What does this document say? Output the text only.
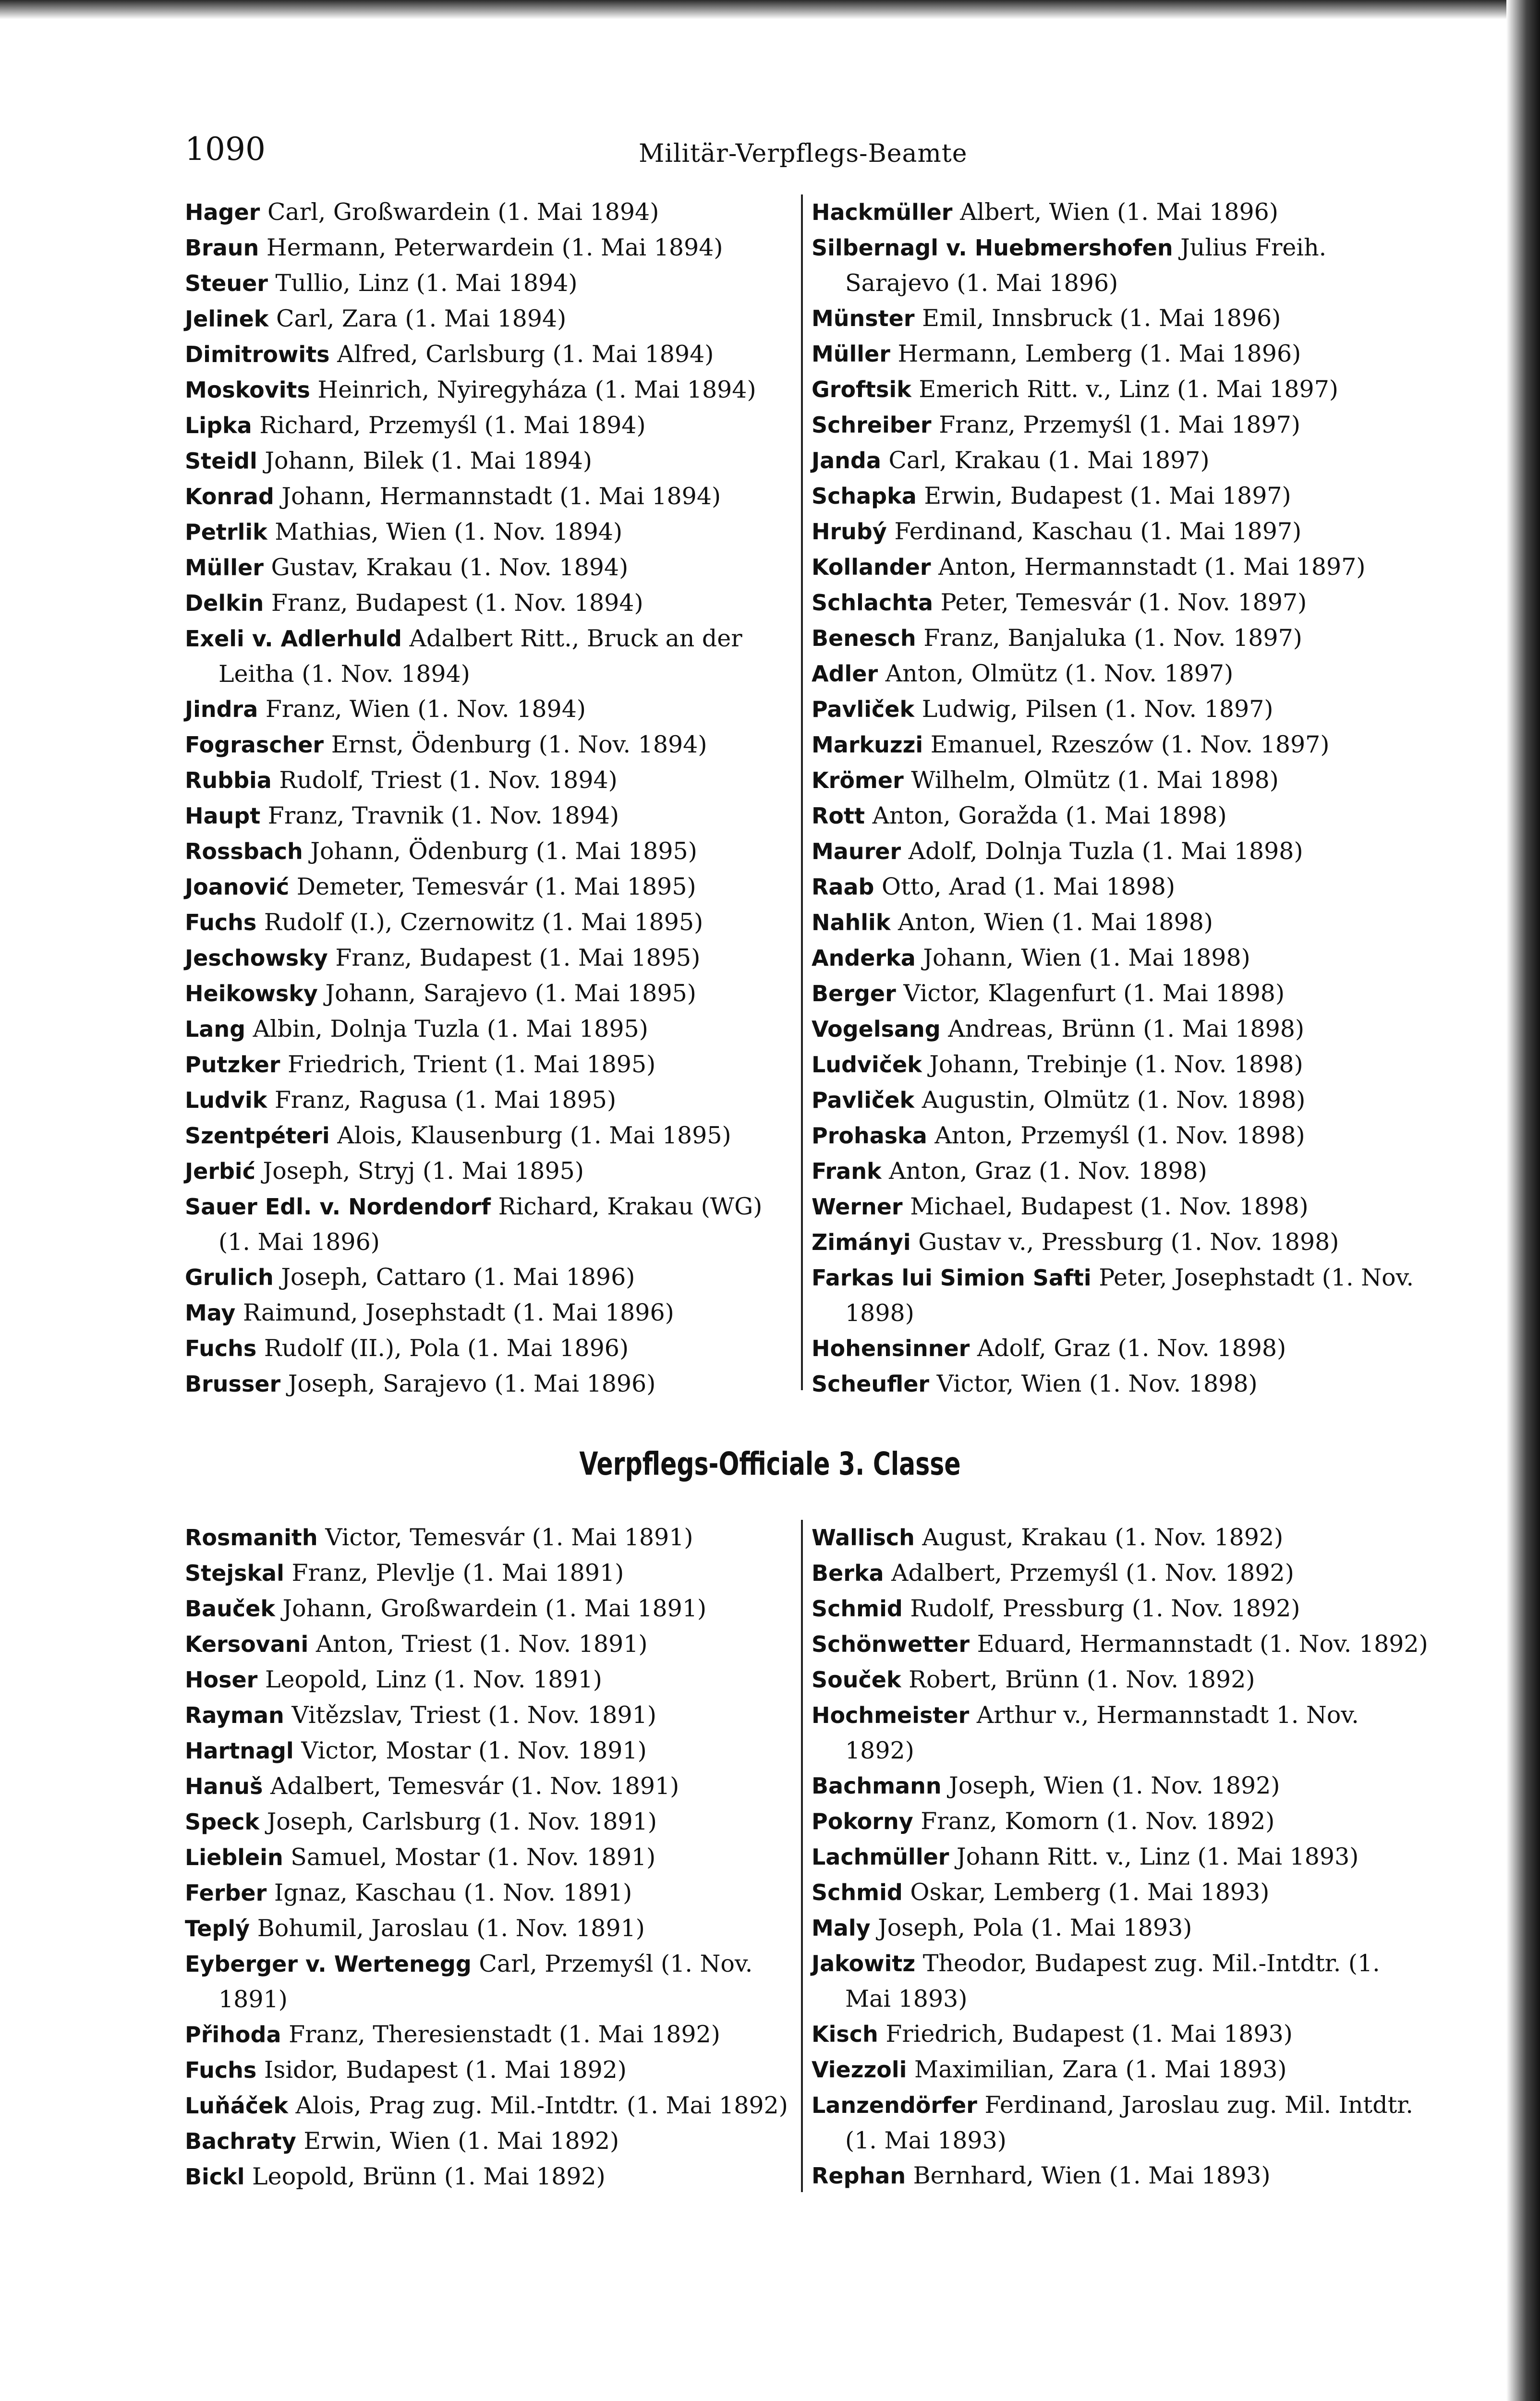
1090	Militär-Verpflegs-Beamte

Hager Carl, Großwardein (1. Mai 1894)

Braun Hermann, Peterwardein (1. Mai 1894)

Steuer Tullio, Linz (1. Mai 1894)

Jelinek Carl, Zara (1. Mai 1894)

Dimitrowits Alfred, Carlsburg (1. Mai 1894)

Moskovits Heinrich, Nyiregyháza (1. Mai 1894)

Lipka Richard, Przemyśl (1. Mai 1894)

Steidl Johann, Bilek (1. Mai 1894)

Konrad Johann, Hermannstadt (1. Mai 1894)

Petrlik Mathias, Wien (1. Nov. 1894)

Müller Gustav, Krakau (1. Nov. 1894)

Delkin Franz, Budapest (1. Nov. 1894)

Exeli v. Adlerhuld Adalbert Ritt., Bruck an der Leitha (1. Nov. 1894)

Jindra Franz, Wien (1. Nov. 1894)

Fograscher Ernst, Ödenburg (1. Nov. 1894)

Rubbia Rudolf, Triest (1. Nov. 1894)

Haupt Franz, Travnik (1. Nov. 1894)

Rossbach Johann, Ödenburg (1. Mai 1895)

Joanović Demeter, Temesvár (1. Mai 1895)

Fuchs Rudolf (I.), Czernowitz (1. Mai 1895)

Jeschowsky Franz, Budapest (1. Mai 1895)

Heikowsky Johann, Sarajevo (1. Mai 1895)

Lang Albin, Dolnja Tuzla (1. Mai 1895)

Putzker Friedrich, Trient (1. Mai 1895)

Ludvik Franz, Ragusa (1. Mai 1895)

Szentpéteri Alois, Klausenburg (1. Mai 1895)

Jerbić Joseph, Stryj (1. Mai 1895)

Sauer Edl. v. Nordendorf Richard, Krakau (WG) (1. Mai 1896)

Grulich Joseph, Cattaro (1. Mai 1896)

May Raimund, Josephstadt (1. Mai 1896)

Fuchs Rudolf (II.), Pola (1. Mai 1896)

Brusser Joseph, Sarajevo (1. Mai 1896)

Hackmüller Albert, Wien (1. Mai 1896)

Silbernagl v. Huebmershofen Julius Freih. Sarajevo (1. Mai 1896)

Münster Emil, Innsbruck (1. Mai 1896)

Müller Hermann, Lemberg (1. Mai 1896)

Groftsik Emerich Ritt. v., Linz (1. Mai 1897)

Schreiber Franz, Przemyśl (1. Mai 1897)

Janda Carl, Krakau (1. Mai 1897)

Schapka Erwin, Budapest (1. Mai 1897)

Hrubý Ferdinand, Kaschau (1. Mai 1897)

Kollander Anton, Hermannstadt (1. Mai 1897)

Schlachta Peter, Temesvár (1. Nov. 1897)

Benesch Franz, Banjaluka (1. Nov. 1897)

Adler Anton, Olmütz (1. Nov. 1897)

Pavliček Ludwig, Pilsen (1. Nov. 1897)

Markuzzi Emanuel, Rzeszów (1. Nov. 1897)

Krömer Wilhelm, Olmütz (1. Mai 1898)

Rott Anton, Goražda (1. Mai 1898)

Maurer Adolf, Dolnja Tuzla (1. Mai 1898)

Raab Otto, Arad (1. Mai 1898)

Nahlik Anton, Wien (1. Mai 1898)

Anderka Johann, Wien (1. Mai 1898)

Berger Victor, Klagenfurt (1. Mai 1898)

Vogelsang Andreas, Brünn (1. Mai 1898)

Ludviček Johann, Trebinje (1. Nov. 1898)

Pavliček Augustin, Olmütz (1. Nov. 1898)

Prohaska Anton, Przemyśl (1. Nov. 1898)

Frank Anton, Graz (1. Nov. 1898)

Werner Michael, Budapest (1. Nov. 1898)

Zimányi Gustav v., Pressburg (1. Nov. 1898)

Farkas lui Simion Safti Peter, Josephstadt (1. Nov. 1898)

Hohensinner Adolf, Graz (1. Nov. 1898)

Scheufler Victor, Wien (1. Nov. 1898)

Verpflegs-Officiale 3. Classe

Rosmanith Victor, Temesvár (1. Mai 1891)

Stejskal Franz, Plevlje (1. Mai 1891)

Bauček Johann, Großwardein (1. Mai 1891)

Kersovani Anton, Triest (1. Nov. 1891)

Hoser Leopold, Linz (1. Nov. 1891)

Rayman Vitězslav, Triest (1. Nov. 1891)

Hartnagl Victor, Mostar (1. Nov. 1891)

Hanuš Adalbert, Temesvár (1. Nov. 1891)

Speck Joseph, Carlsburg (1. Nov. 1891)

Lieblein Samuel, Mostar (1. Nov. 1891)

Ferber Ignaz, Kaschau (1. Nov. 1891)

Teplý Bohumil, Jaroslau (1. Nov. 1891)

Eyberger v. Wertenegg Carl, Przemyśl (1. Nov. 1891)

Přihoda Franz, Theresienstadt (1. Mai 1892)

Fuchs Isidor, Budapest (1. Mai 1892)

Luňáček Alois, Prag zug. Mil.-Intdtr. (1. Mai 1892)

Bachraty Erwin, Wien (1. Mai 1892)

Bickl Leopold, Brünn (1. Mai 1892)

Wallisch August, Krakau (1. Nov. 1892)

Berka Adalbert, Przemyśl (1. Nov. 1892)

Schmid Rudolf, Pressburg (1. Nov. 1892)

Schönwetter Eduard, Hermannstadt (1. Nov. 1892)

Souček Robert, Brünn (1. Nov. 1892)

Hochmeister Arthur v., Hermannstadt 1. Nov. 1892)

Bachmann Joseph, Wien (1. Nov. 1892)

Pokorny Franz, Komorn (1. Nov. 1892)

Lachmüller Johann Ritt. v., Linz (1. Mai 1893)

Schmid Oskar, Lemberg (1. Mai 1893)

Maly Joseph, Pola (1. Mai 1893)

Jakowitz Theodor, Budapest zug. Mil.-Intdtr. (1. Mai 1893)

Kisch Friedrich, Budapest (1. Mai 1893)

Viezzoli Maximilian, Zara (1. Mai 1893)

Lanzendörfer Ferdinand, Jaroslau zug. Mil. Intdtr. (1. Mai 1893)

Rephan Bernhard, Wien (1. Mai 1893)
